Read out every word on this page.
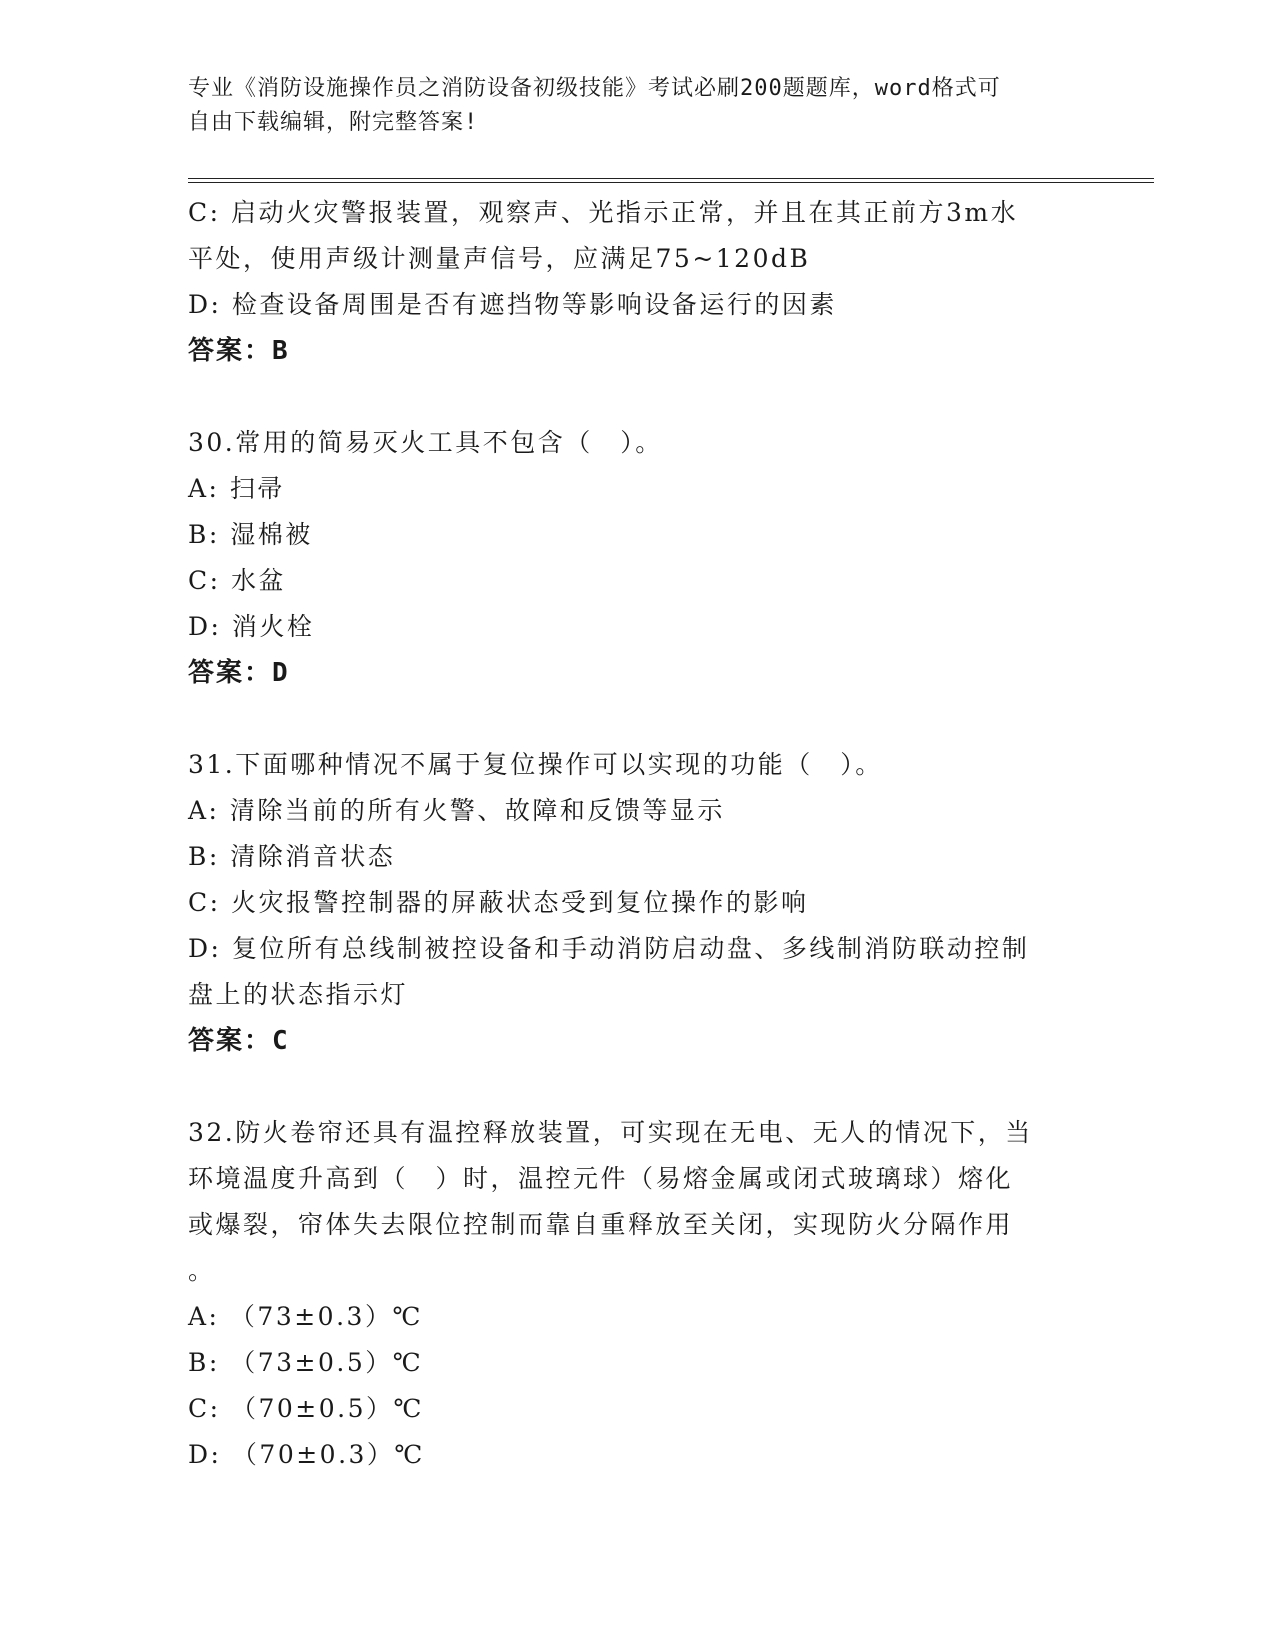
专业《消防设施操作员之消防设备初级技能》考试必刷200题题库，word格式可
自由下载编辑，附完整答案!
C: 启动火灾警报装置，观察声、光指示正常，并且在其正前方3m水
平处，使用声级计测量声信号，应满足75~120dB
D: 检查设备周围是否有遮挡物等影响设备运行的因素
答案：B
30.常用的简易灭火工具不包含（　）。
A: 扫帚
B: 湿棉被
C: 水盆
D: 消火栓
答案：D
31.下面哪种情况不属于复位操作可以实现的功能（　）。
A: 清除当前的所有火警、故障和反馈等显示
B: 清除消音状态
C: 火灾报警控制器的屏蔽状态受到复位操作的影响
D: 复位所有总线制被控设备和手动消防启动盘、多线制消防联动控制
盘上的状态指示灯
答案：C
32.防火卷帘还具有温控释放装置，可实现在无电、无人的情况下，当
环境温度升高到（　）时，温控元件（易熔金属或闭式玻璃球）熔化
或爆裂，帘体失去限位控制而靠自重释放至关闭，实现防火分隔作用
。
A: （73±0.3）℃
B: （73±0.5）℃
C: （70±0.5）℃
D: （70±0.3）℃
